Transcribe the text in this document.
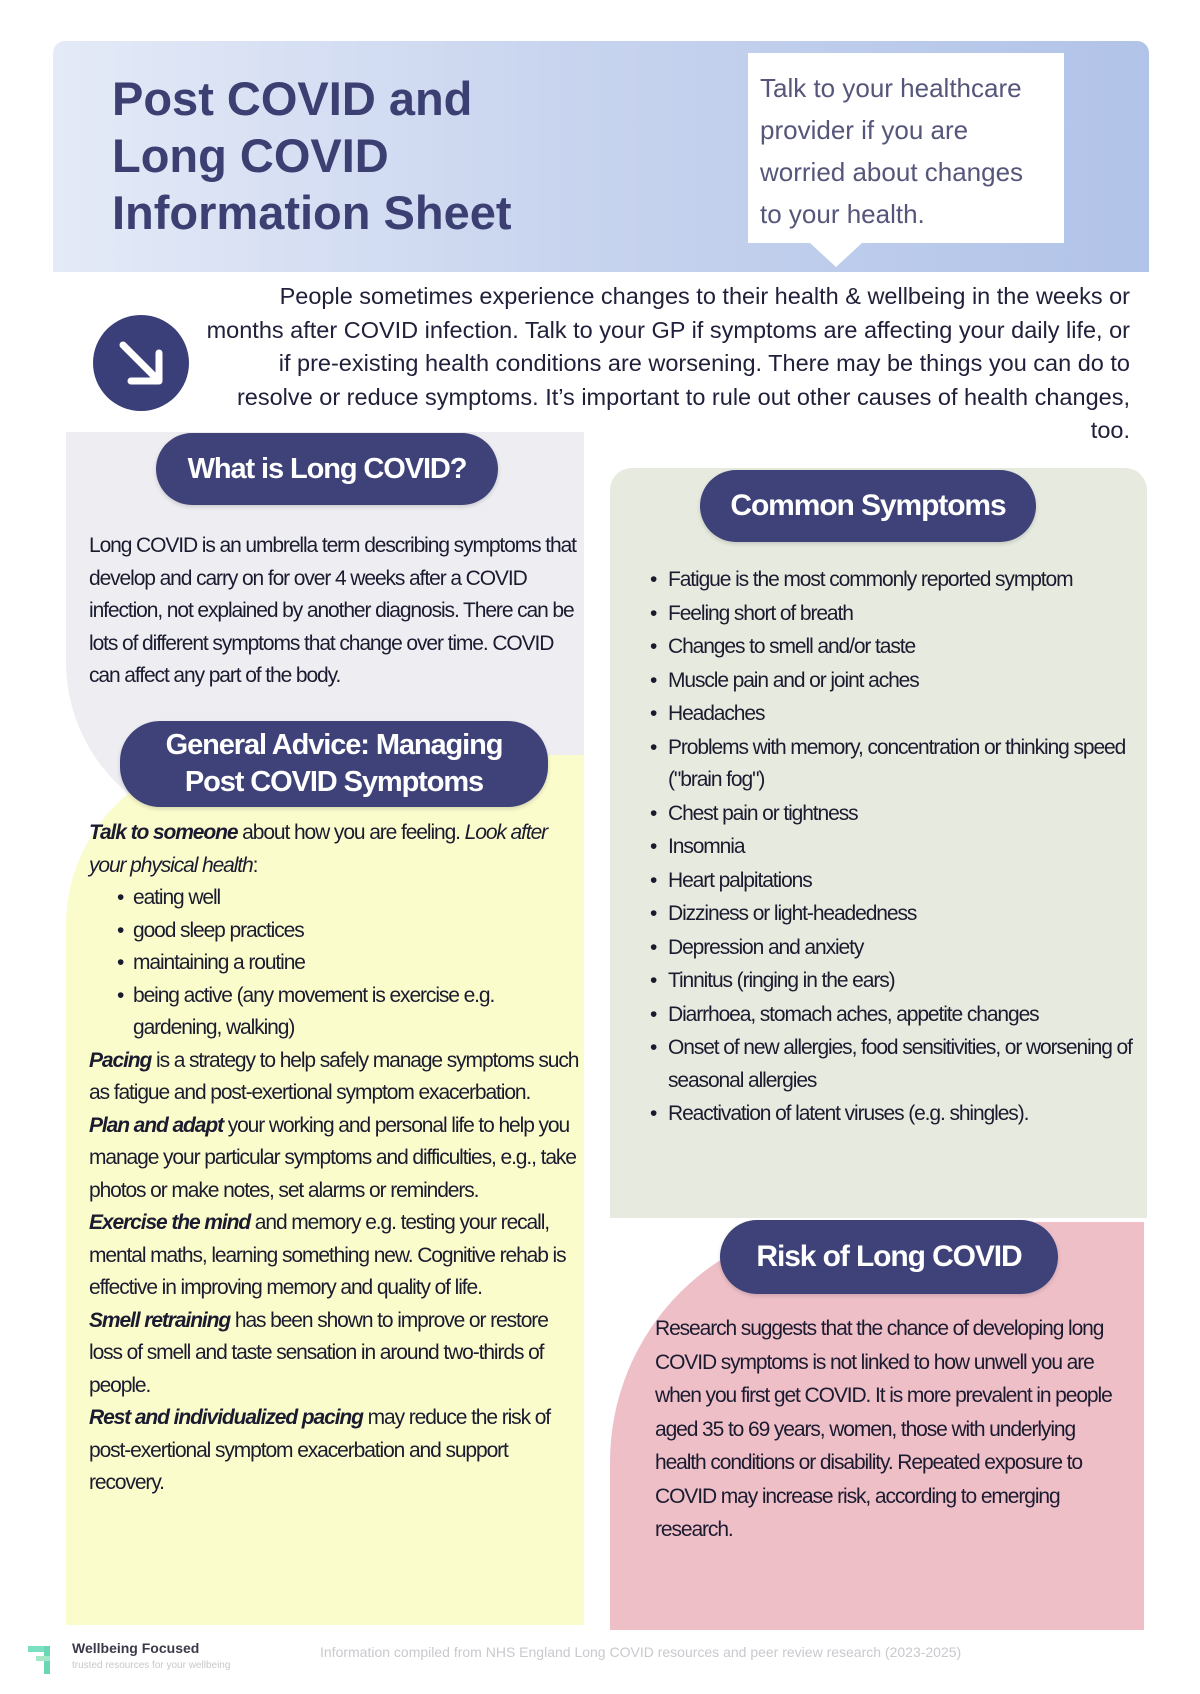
Post COVID and
Long COVID
Information Sheet
Talk to your healthcare
provider if you are
worried about changes
to your health.
People sometimes experience changes to their health & wellbeing in the weeks or months after COVID infection. Talk to your GP if symptoms are affecting your daily life, or if pre-existing health conditions are worsening. There may be things you can do to resolve or reduce symptoms. It’s important to rule out other causes of health changes, too.
What is Long COVID?
Long COVID is an umbrella term describing symptoms that develop and carry on for over 4 weeks after a COVID infection, not explained by another diagnosis. There can be lots of different symptoms that change over time. COVID can affect any part of the body.
General Advice: Managing
Post COVID Symptoms

Talk to someone about how you are feeling. Look after your physical health:

• eating well
• good sleep practices
• maintaining a routine
• being active (any movement is exercise e.g. gardening, walking)

Pacing is a strategy to help safely manage symptoms such as fatigue and post-exertional symptom exacerbation.

Plan and adapt your working and personal life to help you manage your particular symptoms and difficulties, e.g., take photos or make notes, set alarms or reminders.

Exercise the mind and memory e.g. testing your recall, mental maths, learning something new. Cognitive rehab is effective in improving memory and quality of life.

Smell retraining has been shown to improve or restore loss of smell and taste sensation in around two-thirds of people.

Rest and individualized pacing may reduce the risk of post-exertional symptom exacerbation and support recovery.

Common Symptoms
• Fatigue is the most commonly reported symptom
• Feeling short of breath
• Changes to smell and/or taste
• Muscle pain and or joint aches
• Headaches
• Problems with memory, concentration or thinking speed ("brain fog")
• Chest pain or tightness
• Insomnia
• Heart palpitations
• Dizziness or light-headedness
• Depression and anxiety
• Tinnitus (ringing in the ears)
• Diarrhoea, stomach aches, appetite changes
• Onset of new allergies, food sensitivities, or worsening of seasonal allergies
• Reactivation of latent viruses (e.g. shingles).
Risk of Long COVID
Research suggests that the chance of developing long COVID symptoms is not linked to how unwell you are when you first get COVID. It is more prevalent in people aged 35 to 69 years, women, those with underlying health conditions or disability. Repeated exposure to COVID may increase risk, according to emerging research.
Wellbeing Focused
trusted resources for your wellbeing
Information compiled from NHS England Long COVID resources and peer review research (2023-2025)
